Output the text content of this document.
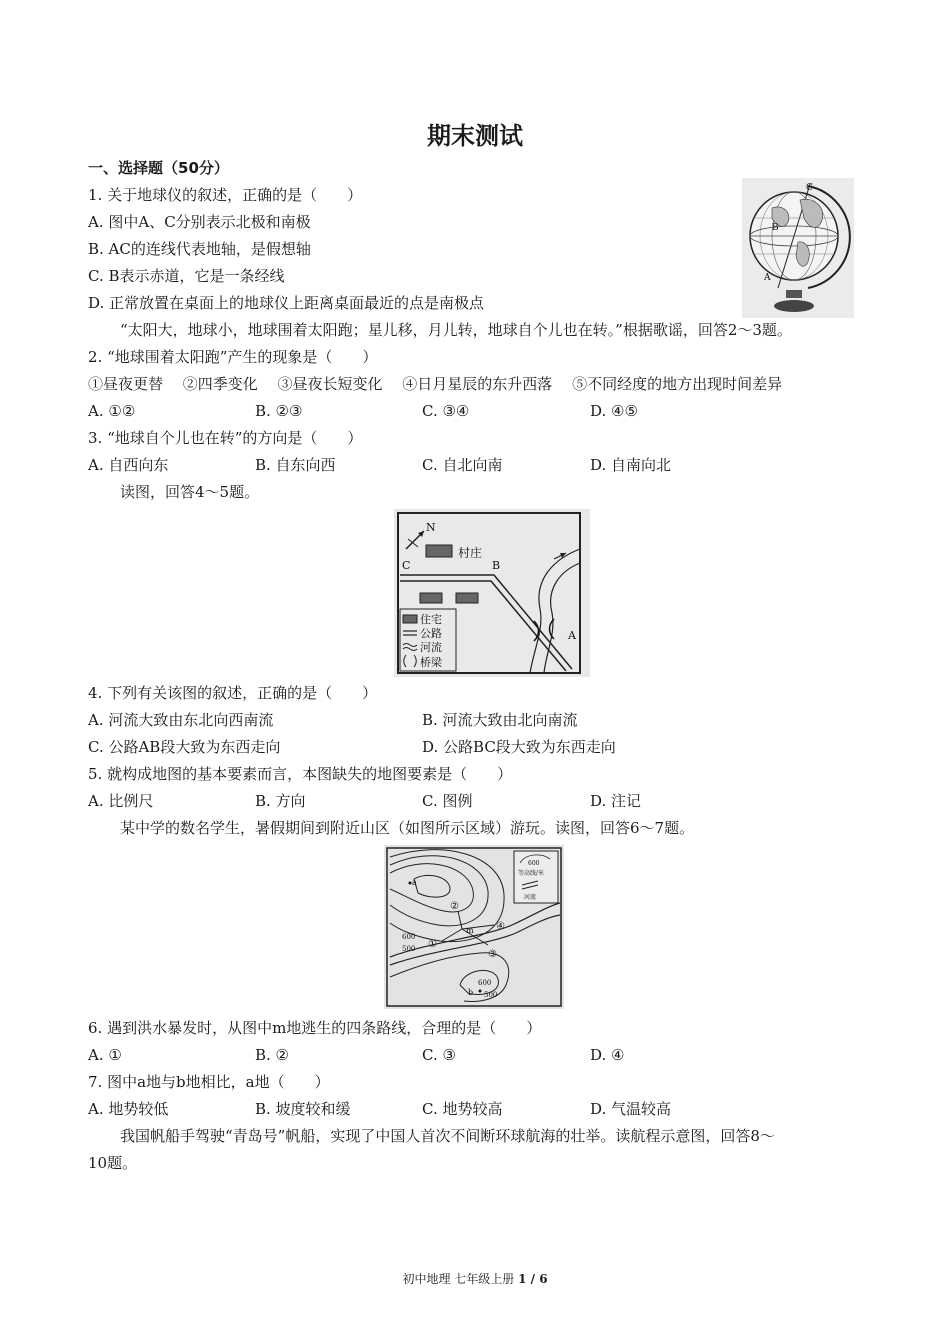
期末测试
一、选择题（50分）
1. 关于地球仪的叙述，正确的是（　　）
A. 图中A、C分别表示北极和南极
B. AC的连线代表地轴，是假想轴
C. B表示赤道，它是一条经线
D. 正常放置在桌面上的地球仪上距离桌面最近的点是南极点
C
B
A
“太阳大，地球小，地球围着太阳跑；星儿移，月儿转，地球自个儿也在转。”根据歌谣，回答2～3题。
2. “地球围着太阳跑”产生的现象是（　　）
①昼夜更替　 ②四季变化　 ③昼夜长短变化　 ④日月星辰的东升西落　 ⑤不同经度的地方出现时间差异
A. ①②	B. ②③	C. ③④	D. ④⑤
3. “地球自个儿也在转”的方向是（　　）
A. 自西向东	B. 自东向西	C. 自北向南	D. 自南向北
读图，回答4～5题。
N
村庄
C	B
A
住宅
公路
河流
桥梁
4. 下列有关该图的叙述，正确的是（　　）
A. 河流大致由东北向西南流	B. 河流大致由北向南流
C. 公路AB段大致为东西走向	D. 公路BC段大致为东西走向
5. 就构成地图的基本要素而言，本图缺失的地图要素是（　　）
A. 比例尺	B. 方向	C. 图例	D. 注记
某中学的数名学生，暑假期间到附近山区（如图所示区域）游玩。读图，回答6～7题。
600
等高线/米
河流
a
m
b
①
②
③
④
600
500
600
500
6. 遇到洪水暴发时，从图中m地逃生的四条路线，合理的是（　　）
A. ①	B. ②	C. ③	D. ④
7. 图中a地与b地相比，a地（　　）
A. 地势较低	B. 坡度较和缓	C. 地势较高	D. 气温较高
我国帆船手驾驶“青岛号”帆船，实现了中国人首次不间断环球航海的壮举。读航程示意图，回答8～
10题。
初中地理 七年级上册 1 / 6
